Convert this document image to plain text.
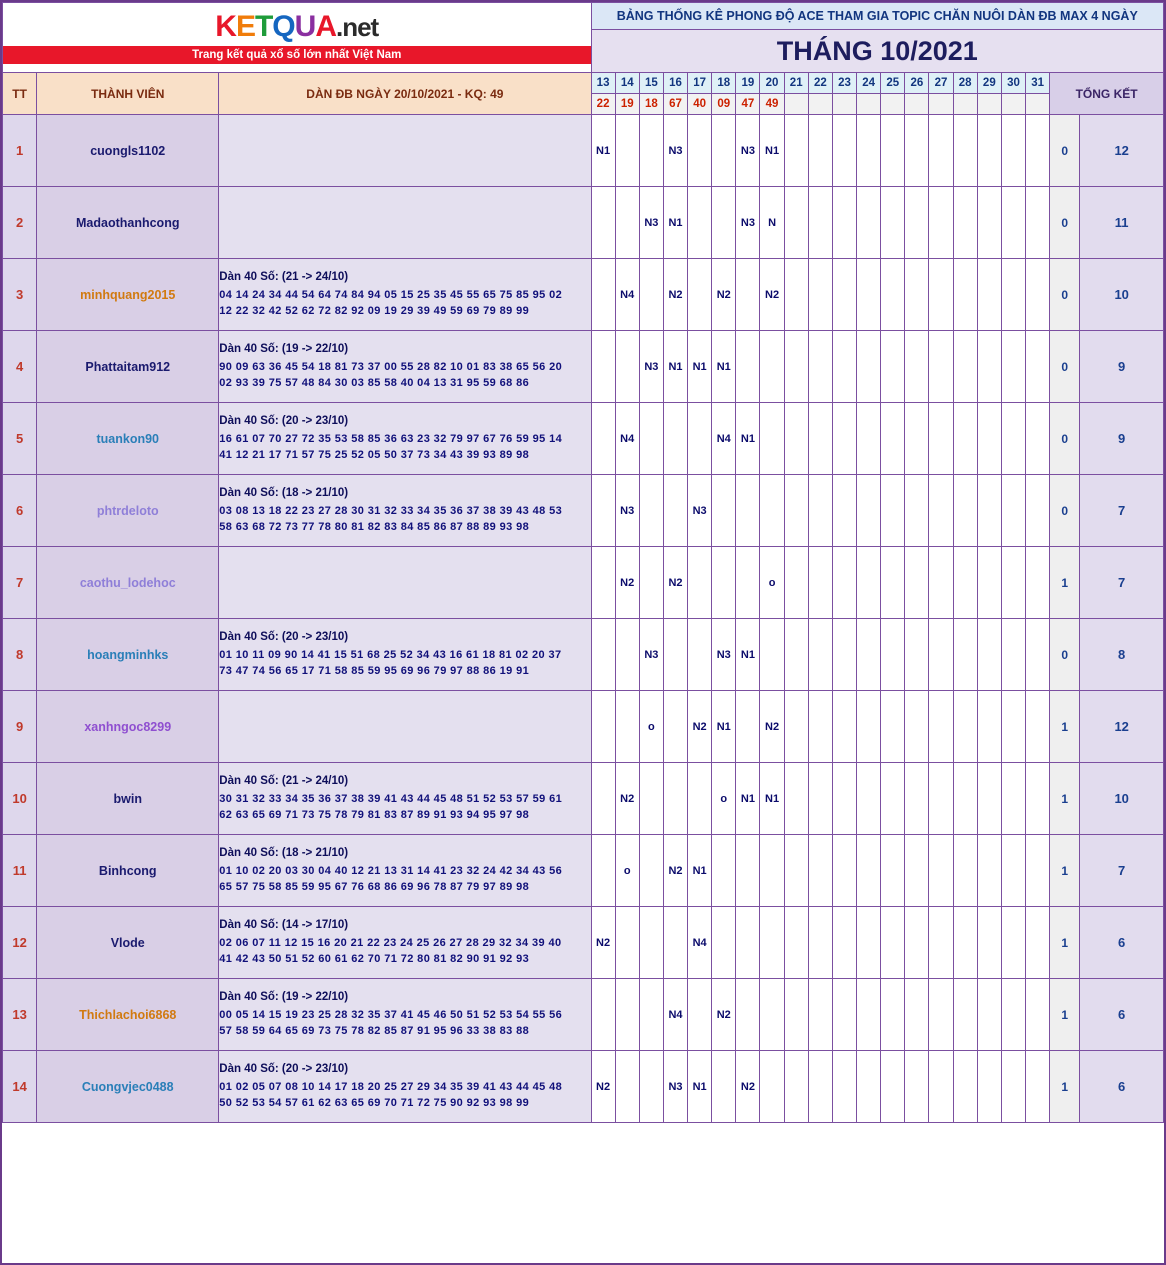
KETQUA.net
Trang kết quả xổ số lớn nhất Việt Nam			BẢNG THỐNG KÊ PHONG ĐỘ ACE THAM GIA TOPIC CHĂN NUÔI DÀN ĐB MAX 4 NGÀY																				
			THÁNG 10/2021																				
TT	THÀNH VIÊN	DÀN ĐB NGÀY 20/10/2021 - KQ: 49	13	14	15	16	17	18	19	20	21	22	23	24	25	26	27	28	29	30	31	TỔNG KẾT	
			22	19	18	67	40	09	47	49													
1	cuongls1102		N1			N3			N3	N1												0	12
2	Madaothanhcong				N3	N1			N3	N												0	11
3	minhquang2015	Dàn 40 Số: (21 -> 24/10)
04 14 24 34 44 54 64 74 84 94 05 15 25 35 45 55 65 75 85 95 02
12 22 32 42 52 62 72 82 92 09 19 29 39 49 59 69 79 89 99		N4		N2		N2		N2												0	10
4	Phattaitam912	Dàn 40 Số: (19 -> 22/10)
90 09 63 36 45 54 18 81 73 37 00 55 28 82 10 01 83 38 65 56 20
02 93 39 75 57 48 84 30 03 85 58 40 04 13 31 95 59 68 86			N3	N1	N1	N1														0	9
5	tuankon90	Dàn 40 Số: (20 -> 23/10)
16 61 07 70 27 72 35 53 58 85 36 63 23 32 79 97 67 76 59 95 14
41 12 21 17 71 57 75 25 52 05 50 37 73 34 43 39 93 89 98		N4				N4	N1													0	9
6	phtrdeloto	Dàn 40 Số: (18 -> 21/10)
03 08 13 18 22 23 27 28 30 31 32 33 34 35 36 37 38 39 43 48 53
58 63 68 72 73 77 78 80 81 82 83 84 85 86 87 88 89 93 98		N3			N3															0	7
7	caothu_lodehoc			N2		N2				o												1	7
8	hoangminhks	Dàn 40 Số: (20 -> 23/10)
01 10 11 09 90 14 41 15 51 68 25 52 34 43 16 61 18 81 02 20 37
73 47 74 56 65 17 71 58 85 59 95 69 96 79 97 88 86 19 91			N3			N3	N1													0	8
9	xanhngoc8299				o		N2	N1		N2												1	12
10	bwin	Dàn 40 Số: (21 -> 24/10)
30 31 32 33 34 35 36 37 38 39 41 43 44 45 48 51 52 53 57 59 61
62 63 65 69 71 73 75 78 79 81 83 87 89 91 93 94 95 97 98		N2				o	N1	N1												1	10
11	Binhcong	Dàn 40 Số: (18 -> 21/10)
01 10 02 20 03 30 04 40 12 21 13 31 14 41 23 32 24 42 34 43 56
65 57 75 58 85 59 95 67 76 68 86 69 96 78 87 79 97 89 98		o		N2	N1															1	7
12	Vlode	Dàn 40 Số: (14 -> 17/10)
02 06 07 11 12 15 16 20 21 22 23 24 25 26 27 28 29 32 34 39 40
41 42 43 50 51 52 60 61 62 70 71 72 80 81 82 90 91 92 93	N2				N4															1	6
13	Thichlachoi6868	Dàn 40 Số: (19 -> 22/10)
00 05 14 15 19 23 25 28 32 35 37 41 45 46 50 51 52 53 54 55 56
57 58 59 64 65 69 73 75 78 82 85 87 91 95 96 33 38 83 88				N4		N2														1	6
14	Cuongvjec0488	Dàn 40 Số: (20 -> 23/10)
01 02 05 07 08 10 14 17 18 20 25 27 29 34 35 39 41 43 44 45 48
50 52 53 54 57 61 62 63 65 69 70 71 72 75 90 92 93 98 99	N2			N3	N1		N2													1	6
